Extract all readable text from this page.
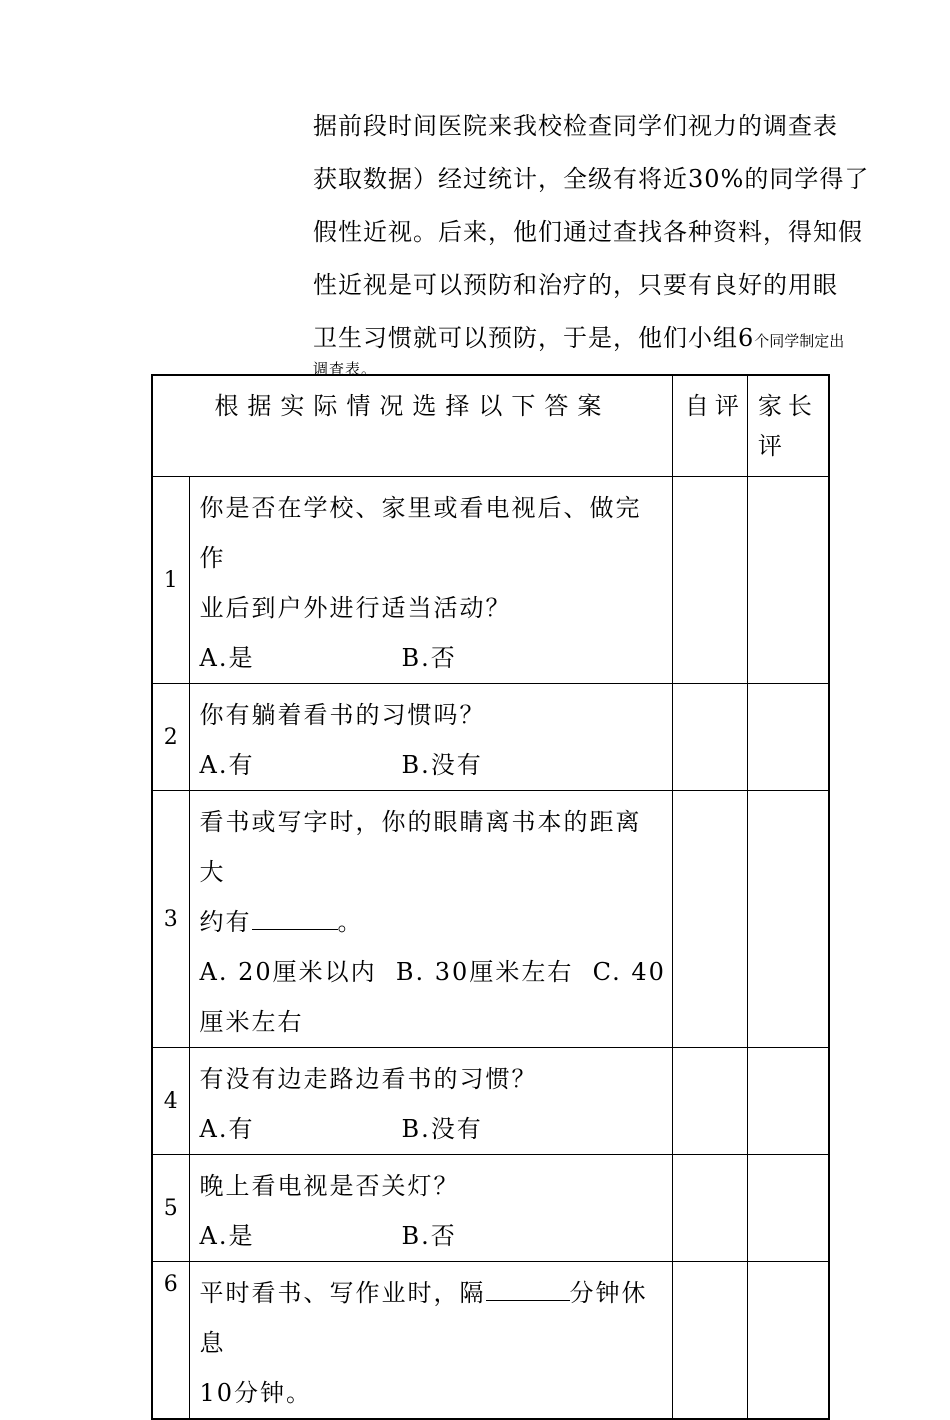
据前段时间医院来我校检查同学们视力的调查表
获取数据）经过统计，全级有将近30%的同学得了
假性近视。后来，他们通过查找各种资料，得知假
性近视是可以预防和治疗的，只要有良好的用眼
卫生习惯就可以预防，于是，他们小组6个同学制定出
调查表。
根据实际情况选择以下答案		自评	家长
评

1	你是否在学校、家里或看电视后、做完作
业后到户外进行适当活动？
A.是 B.否		

2	你有躺着看书的习惯吗？
A.有 B.没有		

3	看书或写字时，你的眼睛离书本的距离大
约有 。
A. 20厘米以内  B. 30厘米左右  C. 40
厘米左右		

4	有没有边走路边看书的习惯？
A.有 B.没有		

5	晚上看电视是否关灯？
A.是 B.否		

6	平时看书、写作业时，隔 分钟休息
10分钟。		
